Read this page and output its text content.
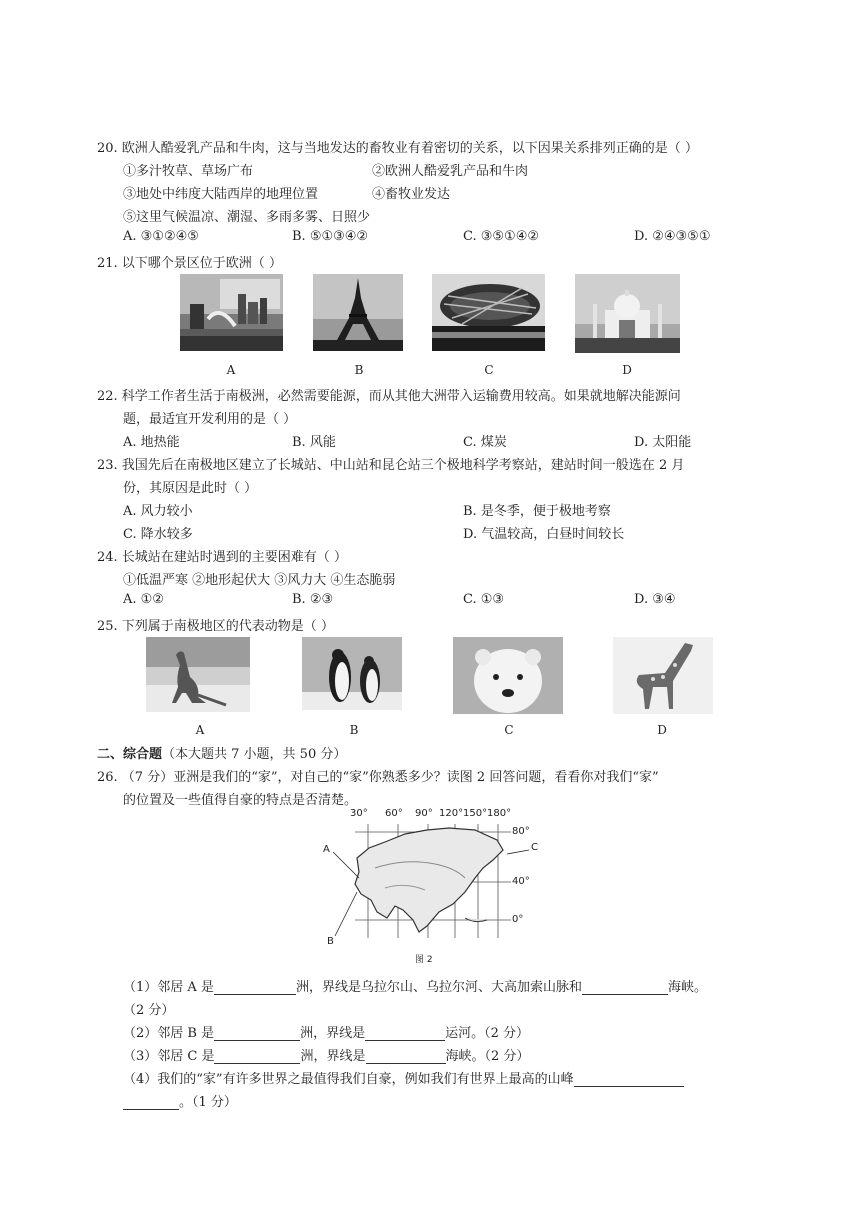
20. 欧洲人酷爱乳产品和牛肉，这与当地发达的畜牧业有着密切的关系，以下因果关系排列正确的是（ ）
①多汁牧草、草场广布	②欧洲人酷爱乳产品和牛肉
③地处中纬度大陆西岸的地理位置	④畜牧业发达
⑤这里气候温凉、潮湿、多雨多雾、日照少
A. ③①②④⑤	B. ⑤①③④②	C. ③⑤①④②	D. ②④③⑤①
21. 以下哪个景区位于欧洲（ ）
A	B	C	D
22. 科学工作者生活于南极洲，必然需要能源，而从其他大洲带入运输费用较高。如果就地解决能源问
题，最适宜开发利用的是（ ）
A. 地热能	B. 风能	C. 煤炭	D. 太阳能
23. 我国先后在南极地区建立了长城站、中山站和昆仑站三个极地科学考察站，建站时间一般选在 2 月
份，其原因是此时（ ）
A. 风力较小	B. 是冬季，便于极地考察
C. 降水较多	D. 气温较高，白昼时间较长
24. 长城站在建站时遇到的主要困难有（ ）
①低温严寒 ②地形起伏大 ③风力大 ④生态脆弱
A. ①②	B. ②③	C. ①③	D. ③④
25. 下列属于南极地区的代表动物是（ ）
A	B	C	D
二、综合题（本大题共 7 小题，共 50 分）
26. （7 分）亚洲是我们的“家”，对自己的“家”你熟悉多少？读图 2 回答问题，看看你对我们“家”
的位置及一些值得自豪的特点是否清楚。
30° 60° 90° 120° 150° 180°
80°
40°
0°
A
B
C
图 2
（1）邻居 A 是	洲，界线是乌拉尔山、乌拉尔河、大高加索山脉和	海峡。
（2 分）
（2）邻居 B 是	洲，界线是	运河。（2 分）
（3）邻居 C 是	洲，界线是	海峡。（2 分）
（4）我们的“家”有许多世界之最值得我们自豪，例如我们有世界上最高的山峰
。（1 分）
